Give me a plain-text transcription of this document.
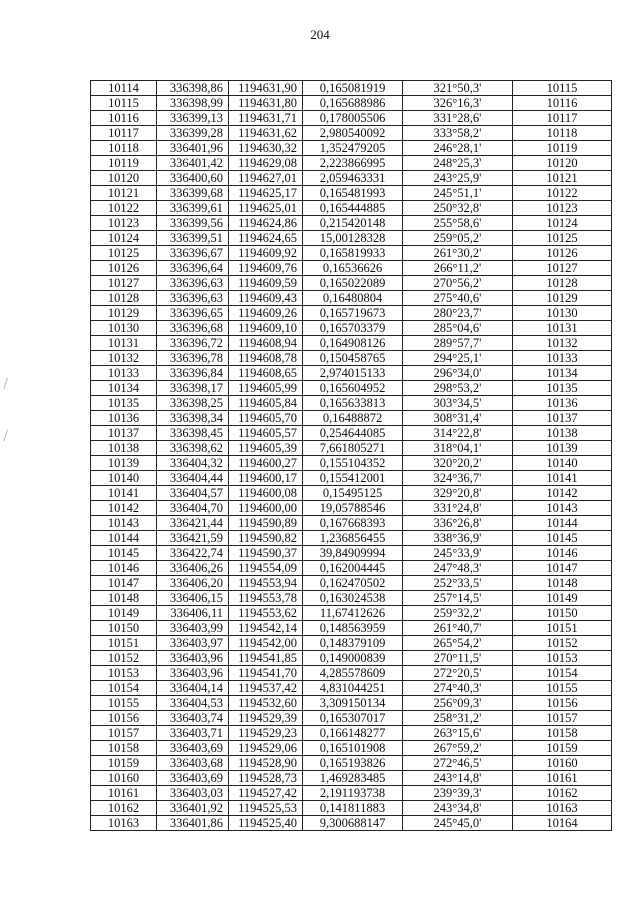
204
10114	336398,86	1194631,90	0,165081919	321°50,3'	10115
10115	336398,99	1194631,80	0,165688986	326°16,3'	10116
10116	336399,13	1194631,71	0,178005506	331°28,6'	10117
10117	336399,28	1194631,62	2,980540092	333°58,2'	10118
10118	336401,96	1194630,32	1,352479205	246°28,1'	10119
10119	336401,42	1194629,08	2,223866995	248°25,3'	10120
10120	336400,60	1194627,01	2,059463331	243°25,9'	10121
10121	336399,68	1194625,17	0,165481993	245°51,1'	10122
10122	336399,61	1194625,01	0,165444885	250°32,8'	10123
10123	336399,56	1194624,86	0,215420148	255°58,6'	10124
10124	336399,51	1194624,65	15,00128328	259°05,2'	10125
10125	336396,67	1194609,92	0,165819933	261°30,2'	10126
10126	336396,64	1194609,76	0,16536626	266°11,2'	10127
10127	336396,63	1194609,59	0,165022089	270°56,2'	10128
10128	336396,63	1194609,43	0,16480804	275°40,6'	10129
10129	336396,65	1194609,26	0,165719673	280°23,7'	10130
10130	336396,68	1194609,10	0,165703379	285°04,6'	10131
10131	336396,72	1194608,94	0,164908126	289°57,7'	10132
10132	336396,78	1194608,78	0,150458765	294°25,1'	10133
10133	336396,84	1194608,65	2,974015133	296°34,0'	10134
10134	336398,17	1194605,99	0,165604952	298°53,2'	10135
10135	336398,25	1194605,84	0,165633813	303°34,5'	10136
10136	336398,34	1194605,70	0,16488872	308°31,4'	10137
10137	336398,45	1194605,57	0,254644085	314°22,8'	10138
10138	336398,62	1194605,39	7,661805271	318°04,1'	10139
10139	336404,32	1194600,27	0,155104352	320°20,2'	10140
10140	336404,44	1194600,17	0,155412001	324°36,7'	10141
10141	336404,57	1194600,08	0,15495125	329°20,8'	10142
10142	336404,70	1194600,00	19,05788546	331°24,8'	10143
10143	336421,44	1194590,89	0,167668393	336°26,8'	10144
10144	336421,59	1194590,82	1,236856455	338°36,9'	10145
10145	336422,74	1194590,37	39,84909994	245°33,9'	10146
10146	336406,26	1194554,09	0,162004445	247°48,3'	10147
10147	336406,20	1194553,94	0,162470502	252°33,5'	10148
10148	336406,15	1194553,78	0,163024538	257°14,5'	10149
10149	336406,11	1194553,62	11,67412626	259°32,2'	10150
10150	336403,99	1194542,14	0,148563959	261°40,7'	10151
10151	336403,97	1194542,00	0,148379109	265°54,2'	10152
10152	336403,96	1194541,85	0,149000839	270°11,5'	10153
10153	336403,96	1194541,70	4,285578609	272°20,5'	10154
10154	336404,14	1194537,42	4,831044251	274°40,3'	10155
10155	336404,53	1194532,60	3,309150134	256°09,3'	10156
10156	336403,74	1194529,39	0,165307017	258°31,2'	10157
10157	336403,71	1194529,23	0,166148277	263°15,6'	10158
10158	336403,69	1194529,06	0,165101908	267°59,2'	10159
10159	336403,68	1194528,90	0,165193826	272°46,5'	10160
10160	336403,69	1194528,73	1,469283485	243°14,8'	10161
10161	336403,03	1194527,42	2,191193738	239°39,3'	10162
10162	336401,92	1194525,53	0,141811883	243°34,8'	10163
10163	336401,86	1194525,40	9,300688147	245°45,0'	10164
